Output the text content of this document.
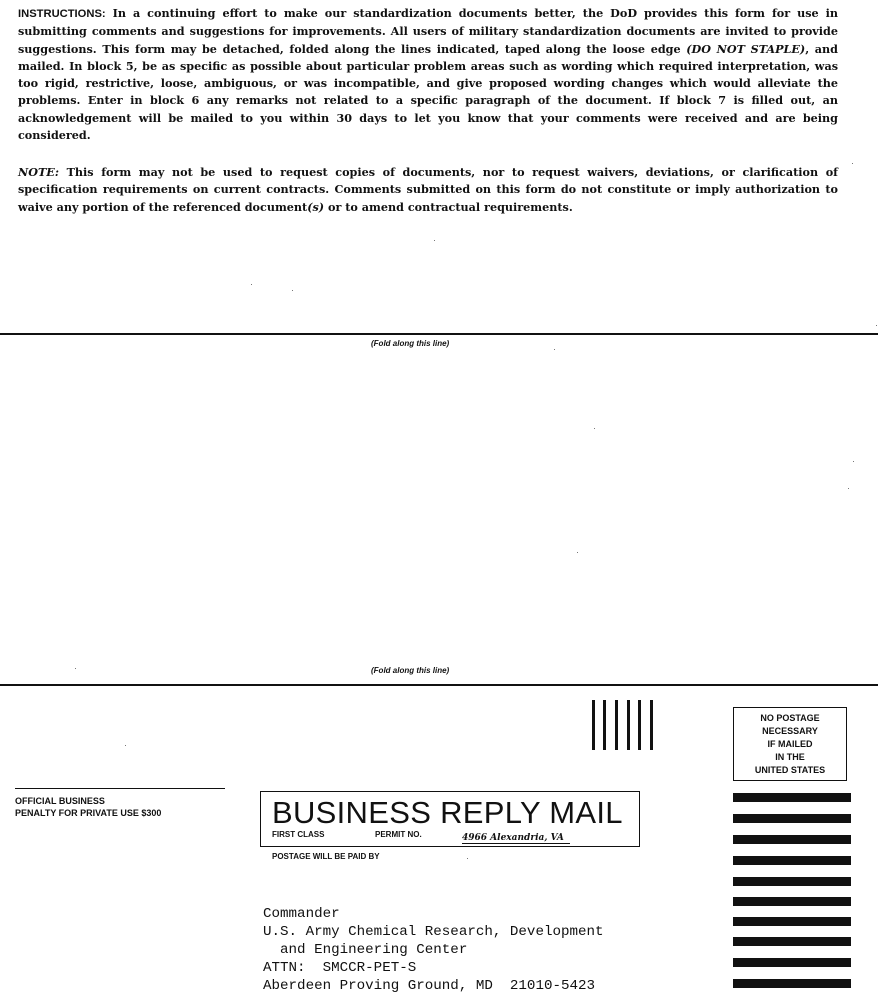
INSTRUCTIONS: In a continuing effort to make our standardization documents better, the DoD provides this form for use in submitting comments and suggestions for improvements. All users of military standardization documents are invited to provide suggestions. This form may be detached, folded along the lines indicated, taped along the loose edge (DO NOT STAPLE), and mailed. In block 5, be as specific as possible about particular problem areas such as wording which required interpretation, was too rigid, restrictive, loose, ambiguous, or was incompatible, and give proposed wording changes which would alleviate the problems. Enter in block 6 any remarks not related to a specific paragraph of the document. If block 7 is filled out, an acknowledgement will be mailed to you within 30 days to let you know that your comments were received and are being considered.
NOTE: This form may not be used to request copies of documents, nor to request waivers, deviations, or clarification of specification requirements on current contracts. Comments submitted on this form do not constitute or imply authorization to waive any portion of the referenced document(s) or to amend contractual requirements.
(Fold along this line)
(Fold along this line)
NO POSTAGE
NECESSARY
IF MAILED
IN THE
UNITED STATES
OFFICIAL BUSINESS
PENALTY FOR PRIVATE USE $300	BUSINESS REPLY MAIL
FIRST CLASS	PERMIT NO.	4966 Alexandria, VA
POSTAGE WILL BE PAID BY
Commander
U.S. Army Chemical Research, Development
and Engineering Center
ATTN:  SMCCR-PET-S
Aberdeen Proving Ground, MD  21010-5423
